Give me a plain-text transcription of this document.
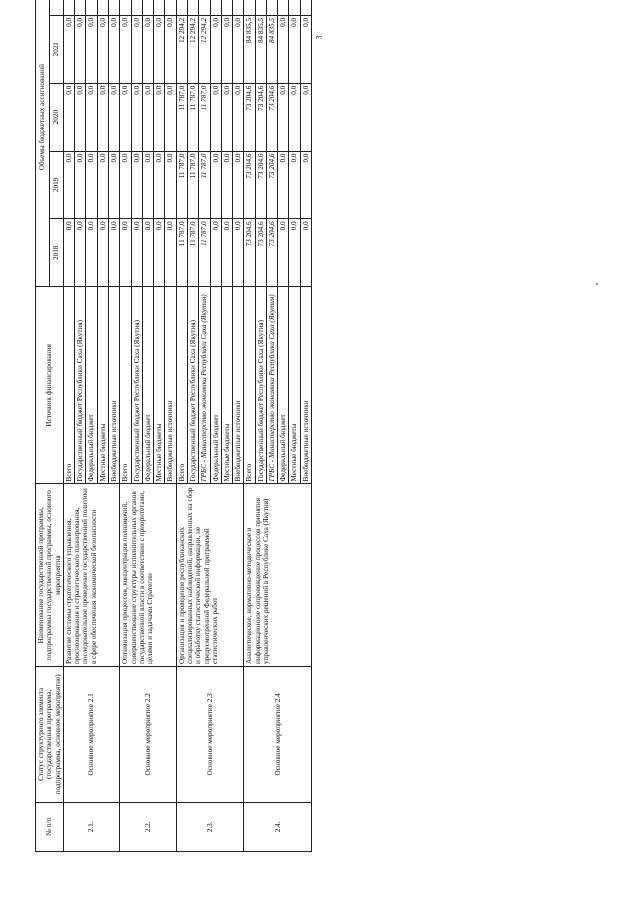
3
№ п/п	Статус структурного элемента (государственная программа, подпрограмма, основное мероприятие)	Наименование государственной программы, подпрограммы государственной программы, основного мероприятия	Источник финансирования	Объемы бюджетных ассигнований				
				2018	2019	2020	2021	
2.1.	Основное мероприятие 2.1	Развитие системы стратегического управления, прогнозирования и стратегического планирования, последовательное проведение государственной политики в сфере обеспечения экономической безопасности	Всего	0,0	0,0	0,0	0,0	
			Государственный бюджет Республики Саха (Якутия)	0,0	0,0	0,0	0,0	
			Федеральный бюджет	0,0	0,0	0,0	0,0	
			Местные бюджеты	0,0	0,0	0,0	0,0	
			Внебюджетные источники	0,0	0,0	0,0	0,0	
2.2.	Основное мероприятие 2.2	Оптимизация процессов, концентрация полномочий, совершенствование структуры исполнительных органов государственной власти в соответствии с приоритетами, целями и задачами Стратегии	Всего	0,0	0,0	0,0	0,0	
			Государственный бюджет Республики Саха (Якутия)	0,0	0,0	0,0	0,0	
			Федеральный бюджет	0,0	0,0	0,0	0,0	
			Местные бюджеты	0,0	0,0	0,0	0,0	
			Внебюджетные источники	0,0	0,0	0,0	0,0	
2.3.	Основное мероприятие 2.3	Организация и проведение республиканских специализированных наблюдений, направленных на сбор и обработку статистической информации, не предусмотренной Федеральной программой статистических работ	Всего	11 787,0	11 787,0	11 787,0	12 294,2	
			Государственный бюджет Республики Саха (Якутия)	11 787,0	11 787,0	11 787,0	12 294,2	
			ГРБС - Министерство экономики Республики Саха (Якутия)	11 787,0	11 787,0	11 787,0	12 294,2	
			Федеральный бюджет	0,0	0,0	0,0	0,0	
			Местные бюджеты	0,0	0,0	0,0	0,0	
			Внебюджетные источники	0,0	0,0	0,0	0,0	
2.4.	Основное мероприятие 2.4	Аналитическое, нормативно-методическое и информационное сопровождение процессов принятия управленческих решений в Республике Саха (Якутия)	Всего	73 204,6	73 204,6	73 204,6	84 835,5	
			Государственный бюджет Республики Саха (Якутия)	73 204,6	73 204,6	73 204,6	84 835,5	
			ГРБС - Министерство экономики Республики Саха (Якутия)	73 204,6	73 204,6	73 204,6	84 835,5	
			Федеральный бюджет	0,0	0,0	0,0	0,0	
			Местные бюджеты	0,0	0,0	0,0	0,0	
			Внебюджетные источники	0,0	0,0	0,0	0,0	
